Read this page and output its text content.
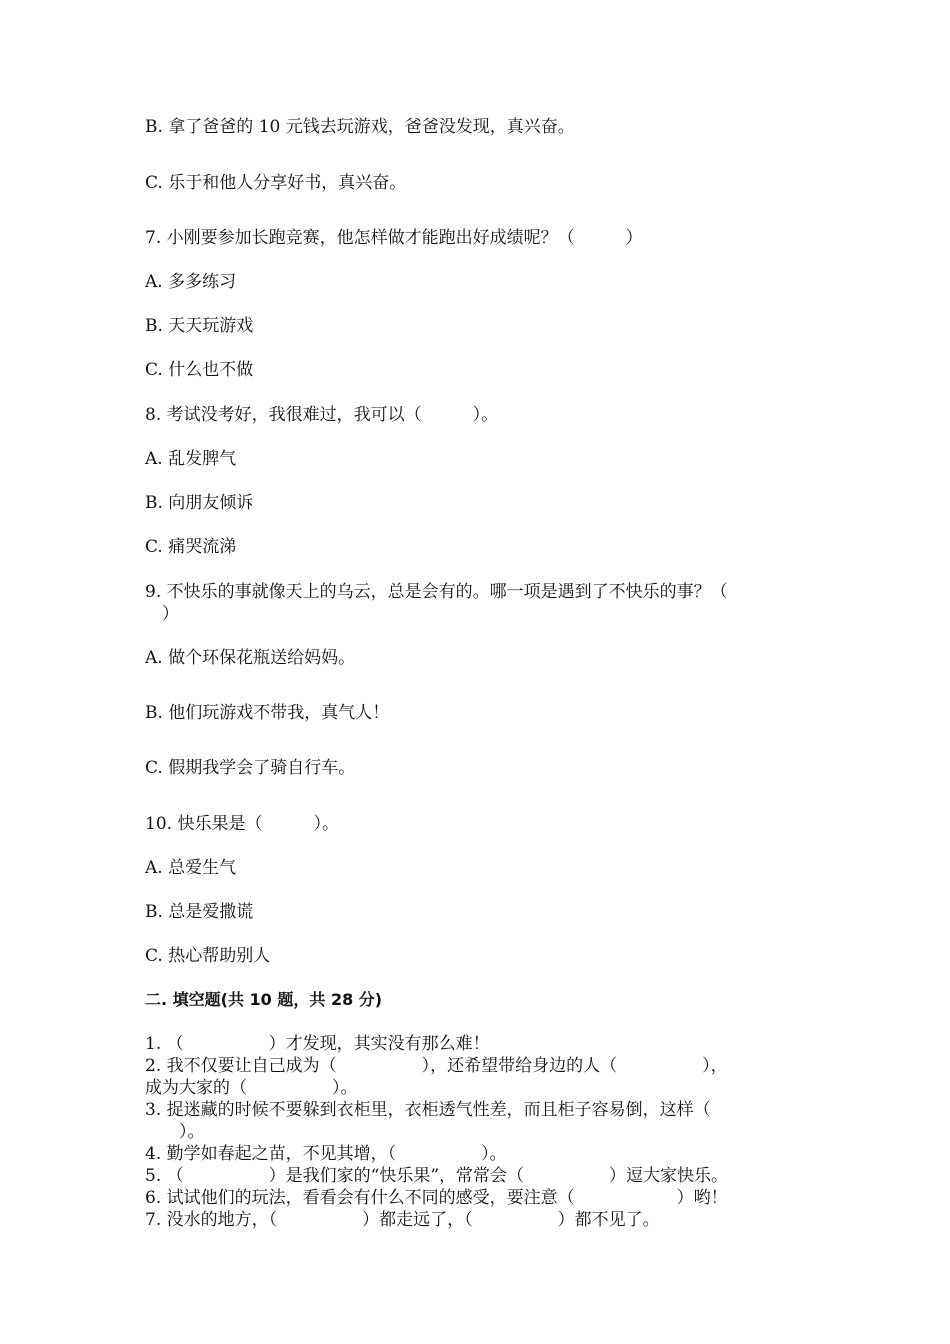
B. 拿了爸爸的 10 元钱去玩游戏，爸爸没发现，真兴奋。
C. 乐于和他人分享好书，真兴奋。
7. 小刚要参加长跑竞赛，他怎样做才能跑出好成绩呢？（　　　）
A. 多多练习
B. 天天玩游戏
C. 什么也不做
8. 考试没考好，我很难过，我可以（　　　）。
A. 乱发脾气
B. 向朋友倾诉
C. 痛哭流涕
9. 不快乐的事就像天上的乌云，总是会有的。哪一项是遇到了不快乐的事？（
　）
A. 做个环保花瓶送给妈妈。
B. 他们玩游戏不带我，真气人！
C. 假期我学会了骑自行车。
10. 快乐果是（　　　）。
A. 总爱生气
B. 总是爱撒谎
C. 热心帮助别人
二. 填空题(共 10 题，共 28 分)
1. （　　　　　）才发现，其实没有那么难！
2. 我不仅要让自己成为（　　　　　），还希望带给身边的人（　　　　　），
成为大家的（　　　　　）。
3. 捉迷藏的时候不要躲到衣柜里，衣柜透气性差，而且柜子容易倒，这样（
　　）。
4. 勤学如春起之苗，不见其增，（　　　　　）。
5. （　　　　　）是我们家的“快乐果”，常常会（　　　　　）逗大家快乐。
6. 试试他们的玩法，看看会有什么不同的感受，要注意（　　　　　　）哟！
7. 没水的地方，（　　　　　）都走远了，（　　　　　）都不见了。
